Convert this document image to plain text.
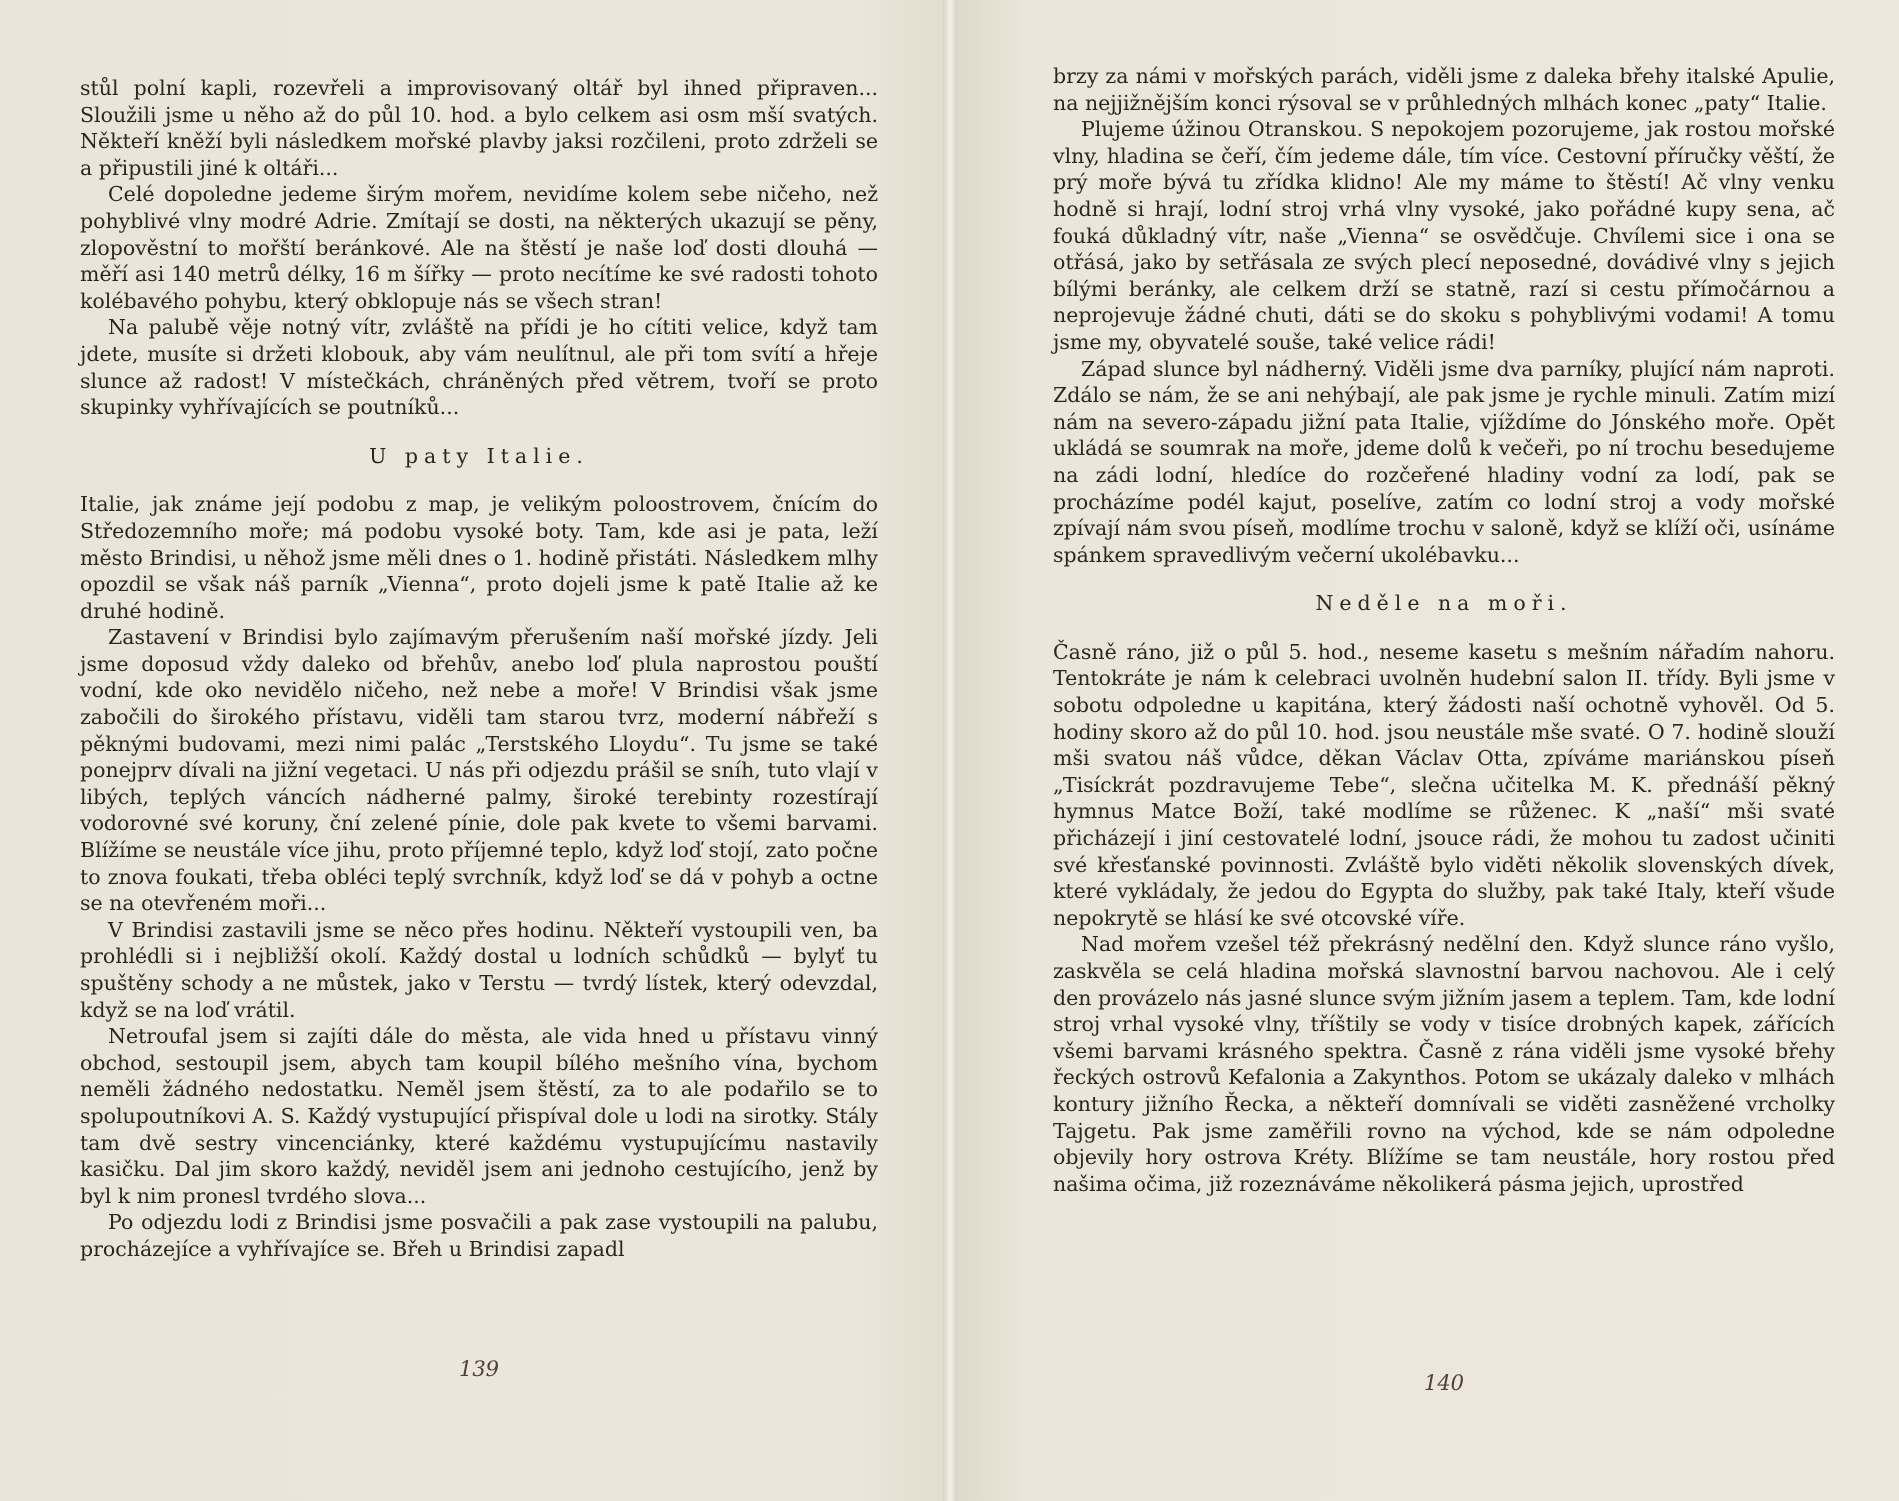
stůl polní kapli, rozevřeli a improvisovaný oltář byl ihned připraven... Sloužili jsme u něho až do půl 10. hod. a bylo celkem asi osm mší svatých. Někteří kněží byli následkem mořské plavby jaksi rozčileni, proto zdrželi se a připustili jiné k oltáři...

Celé dopoledne jedeme širým mořem, nevidíme kolem sebe ničeho, než pohyblivé vlny modré Adrie. Zmítají se dosti, na některých ukazují se pěny, zlopověstní to mořští beránkové. Ale na štěstí je naše loď dosti dlouhá — měří asi 140 metrů délky, 16 m šířky — proto necítíme ke své radosti tohoto kolébavého pohybu, který obklopuje nás se všech stran!

Na palubě věje notný vítr, zvláště na přídi je ho cítiti velice, když tam jdete, musíte si držeti klobouk, aby vám neulítnul, ale při tom svítí a hřeje slunce až radost! V místečkách, chráněných před větrem, tvoří se proto skupinky vyhřívajících se poutníků...

U paty Italie.

Italie, jak známe její podobu z map, je velikým poloostrovem, čnícím do Středozemního moře; má podobu vysoké boty. Tam, kde asi je pata, leží město Brindisi, u něhož jsme měli dnes o 1. hodině přistáti. Následkem mlhy opozdil se však náš parník „Vienna“, proto dojeli jsme k patě Italie až ke druhé hodině.

Zastavení v Brindisi bylo zajímavým přerušením naší mořské jízdy. Jeli jsme doposud vždy daleko od břehův, anebo loď plula naprostou pouští vodní, kde oko nevidělo ničeho, než nebe a moře! V Brindisi však jsme zabočili do širokého přístavu, viděli tam starou tvrz, moderní nábřeží s pěknými budovami, mezi nimi palác „Terstského Lloydu“. Tu jsme se také ponejprv dívali na jižní vegetaci. U nás při odjezdu prášil se sníh, tuto vlají v libých, teplých váncích nádherné palmy, široké terebinty rozestírají vodorovné své koruny, ční zelené pínie, dole pak kvete to všemi barvami. Blížíme se neustále více jihu, proto příjemné teplo, když loď stojí, zato počne to znova foukati, třeba obléci teplý svrchník, když loď se dá v pohyb a octne se na otevřeném moři...

V Brindisi zastavili jsme se něco přes hodinu. Někteří vystoupili ven, ba prohlédli si i nejbližší okolí. Každý dostal u lodních schůdků — bylyť tu spuštěny schody a ne můstek, jako v Terstu — tvrdý lístek, který odevzdal, když se na loď vrátil.

Netroufal jsem si zajíti dále do města, ale vida hned u přístavu vinný obchod, sestoupil jsem, abych tam koupil bílého mešního vína, bychom neměli žádného nedostatku. Neměl jsem štěstí, za to ale podařilo se to spolupoutníkovi A. S. Každý vystupující přispíval dole u lodi na sirotky. Stály tam dvě sestry vincenciánky, které každému vystupujícímu nastavily kasičku. Dal jim skoro každý, neviděl jsem ani jednoho cestujícího, jenž by byl k nim pronesl tvrdého slova...

Po odjezdu lodi z Brindisi jsme posvačili a pak zase vystoupili na palubu, procházejíce a vyhřívajíce se. Břeh u Brindisi zapadl

139

brzy za námi v mořských parách, viděli jsme z daleka břehy italské Apulie, na nejjižnějším konci rýsoval se v průhledných mlhách konec „paty“ Italie.

Plujeme úžinou Otranskou. S nepokojem pozorujeme, jak rostou mořské vlny, hladina se čeří, čím jedeme dále, tím více. Cestovní příručky věští, že prý moře bývá tu zřídka klidno! Ale my máme to štěstí! Ač vlny venku hodně si hrají, lodní stroj vrhá vlny vysoké, jako pořádné kupy sena, ač fouká důkladný vítr, naše „Vienna“ se osvědčuje. Chvílemi sice i ona se otřásá, jako by setřásala ze svých plecí neposedné, dovádivé vlny s jejich bílými beránky, ale celkem drží se statně, razí si cestu přímočárnou a neprojevuje žádné chuti, dáti se do skoku s pohyblivými vodami! A tomu jsme my, obyvatelé souše, také velice rádi!

Západ slunce byl nádherný. Viděli jsme dva parníky, plující nám naproti. Zdálo se nám, že se ani nehýbají, ale pak jsme je rychle minuli. Zatím mizí nám na severo-západu jižní pata Italie, vjíždíme do Jónského moře. Opět ukládá se soumrak na moře, jdeme dolů k večeři, po ní trochu besedujeme na zádi lodní, hledíce do rozčeřené hladiny vodní za lodí, pak se procházíme podél kajut, poselíve, zatím co lodní stroj a vody mořské zpívají nám svou píseň, modlíme trochu v saloně, když se klíží oči, usínáme spánkem spravedlivým večerní ukolébavku...

Neděle na moři.

Časně ráno, již o půl 5. hod., neseme kasetu s mešním nářadím nahoru. Tentokráte je nám k celebraci uvolněn hudební salon II. třídy. Byli jsme v sobotu odpoledne u kapitána, který žádosti naší ochotně vyhověl. Od 5. hodiny skoro až do půl 10. hod. jsou neustále mše svaté. O 7. hodině slouží mši svatou náš vůdce, děkan Václav Otta, zpíváme mariánskou píseň „Tisíckrát pozdravujeme Tebe“, slečna učitelka M. K. přednáší pěkný hymnus Matce Boží, také modlíme se růženec. K „naší“ mši svaté přicházejí i jiní cestovatelé lodní, jsouce rádi, že mohou tu zadost učiniti své křesťanské povinnosti. Zvláště bylo viděti několik slovenských dívek, které vykládaly, že jedou do Egypta do služby, pak také Italy, kteří všude nepokrytě se hlásí ke své otcovské víře.

Nad mořem vzešel též překrásný nedělní den. Když slunce ráno vyšlo, zaskvěla se celá hladina mořská slavnostní barvou nachovou. Ale i celý den provázelo nás jasné slunce svým jižním jasem a teplem. Tam, kde lodní stroj vrhal vysoké vlny, tříštily se vody v tisíce drobných kapek, zářících všemi barvami krásného spektra. Časně z rána viděli jsme vysoké břehy řeckých ostrovů Kefalonia a Zakynthos. Potom se ukázaly daleko v mlhách kontury jižního Řecka, a někteří domnívali se viděti zasněžené vrcholky Tajgetu. Pak jsme zaměřili rovno na východ, kde se nám odpoledne objevily hory ostrova Kréty. Blížíme se tam neustále, hory rostou před našima očima, již rozeznáváme několikerá pásma jejich, uprostřed

140
